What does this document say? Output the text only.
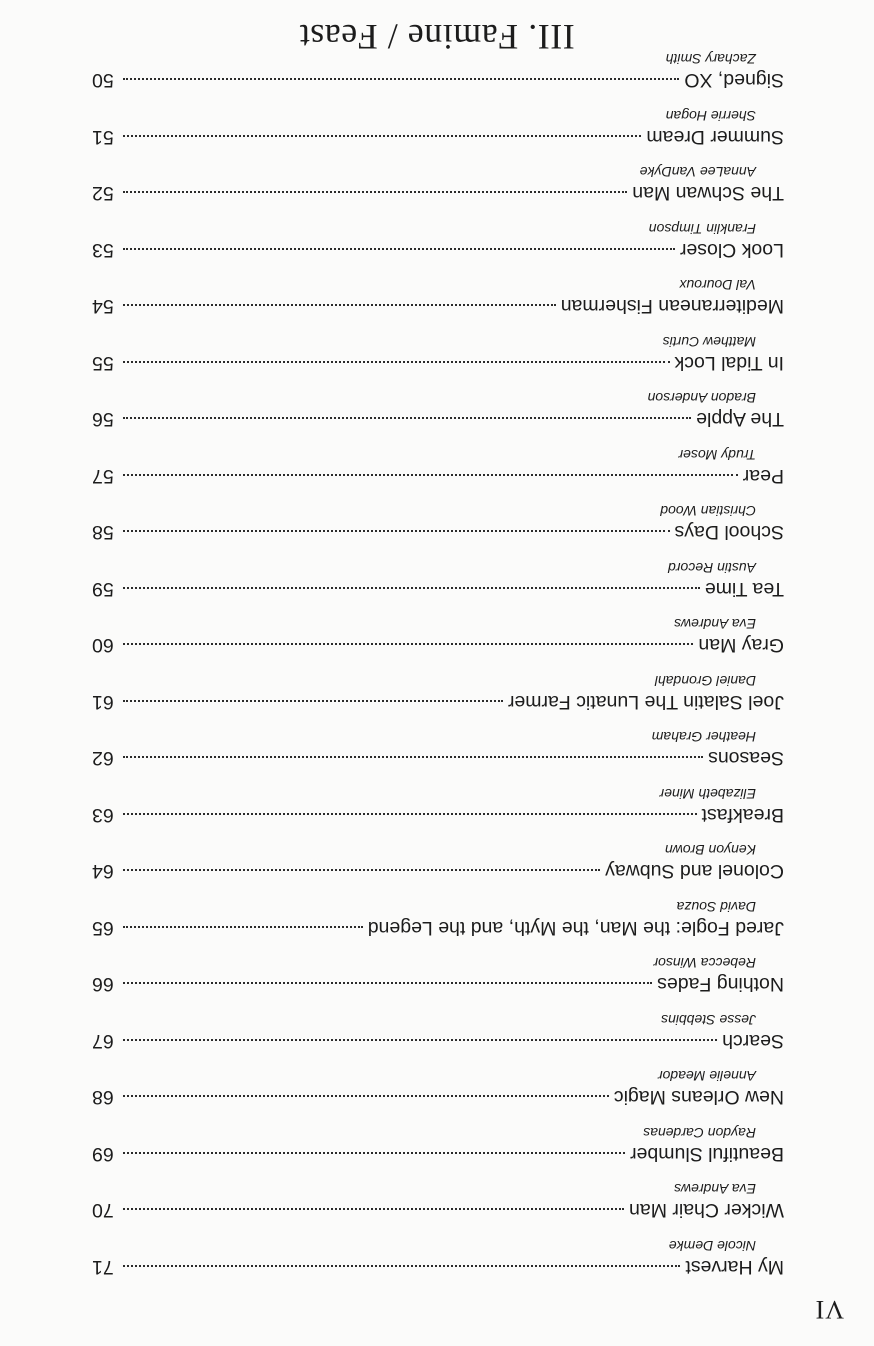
VI
Signed, XO
50
Zachary Smith
Summer Dream
51
Sherrie Hogan
The Schwan Man
52
AnnaLee VanDyke
Look Closer
53
Franklin Timpson
Mediterranean Fisherman
54
Val Douroux
In Tidal Lock
55
Matthew Curtis
The Apple
56
Bradon Anderson
Pear
57
Trudy Moser
School Days
58
Christian Wood
Tea Time
59
Austin Record
Gray Man
60
Eva Andrews
Joel Salatin The Lunatic Farmer
61
Daniel Grondahl
Seasons
62
Heather Graham
Breakfast
63
Elizabeth Miner
Colonel and Subway
64
Kenyon Brown
Jared Fogle: the Man, the Myth, and the Legend
65
David Souza
Nothing Fades
66
Rebecca Winsor
Search
67
Jesse Stebbins
New Orleans Magic
68
Annelie Meador
Beautiful Slumber
69
Raydon Cardenas
Wicker Chair Man
70
Eva Andrews
My Harvest
71
Nicole Demke
III. Famine / Feast
